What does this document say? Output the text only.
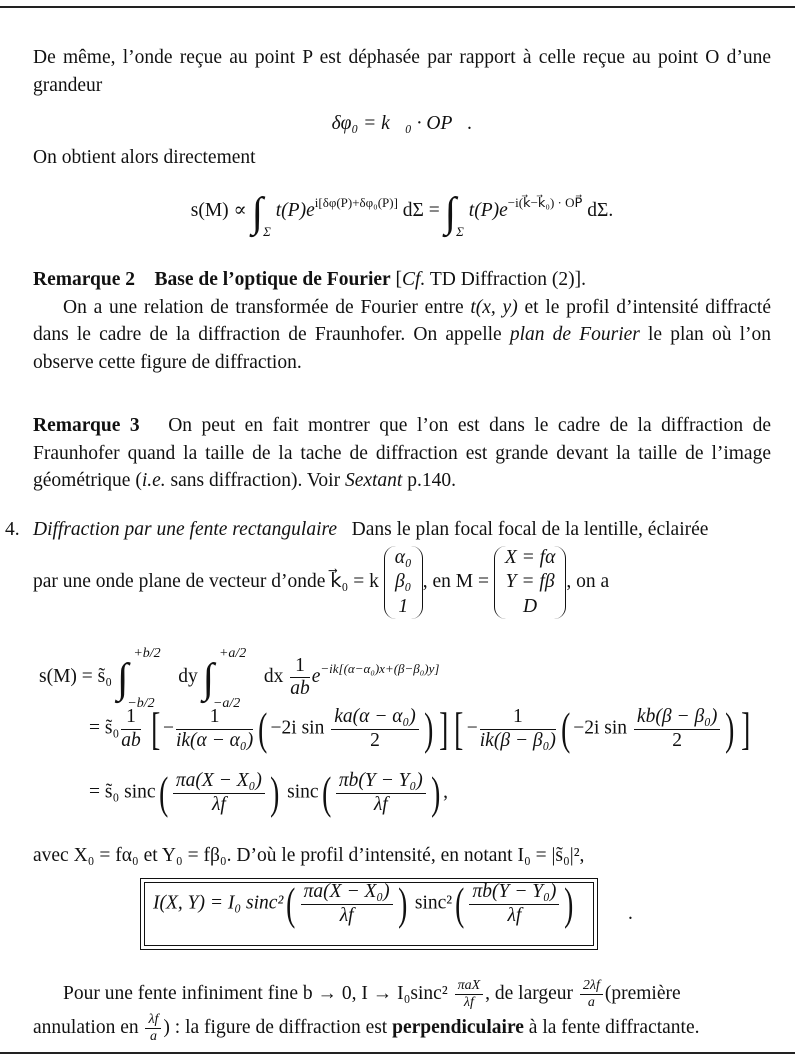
De même, l’onde reçue au point P est déphasée par rapport à celle reçue au point O d’une grandeur

δφ₀ = k⃗₀ · OP⃗.

On obtient alors directement

$s(M) \propto \int_\Sigma$ $t(P)e^{i[\delta\varphi(P)+\delta\varphi_0(P)]}$ $d\Sigma = \int_\Sigma$ $t(P)e^{-i(k⃗-k⃗_0) \cdot OP⃗}$ dΣ.

Remarque 2 Base de l’optique de Fourier [Cf. TD Diffraction (2)].

On a une relation de transformée de Fourier entre t(x, y) et le profil d’intensité diffracté dans le cadre de la diffraction de Fraunhofer. On appelle plan de Fourier le plan où l’on observe cette figure de diffraction.

Remarque 3 On peut en fait montrer que l’on est dans le cadre de la diffraction de Fraunhofer quand la taille de la tache de diffraction est grande devant la taille de l’image géométrique (i.e. sans diffraction). Voir Sextant p.140.

4. Diffraction par une fente rectangulaire Dans le plan focal focal de la lentille, éclairée

par une onde plane de vecteur d’onde k⃗₀ = k
α₀
β₀
1
, en M =
X = fα
Y = fβ
D
, on a
s(M) = s̃₀ ∫
+b/2
−b/2
dy ∫
+a/2
−a/2
dx $\frac{1}{ab} e^{-ik[(\alpha-\alpha_0)x+(\beta-\beta_0)y]}$
= s̃₀ $\frac{1}{ab}$ [ − $\frac{1}{\text{ik(α − α₀)}}$ ( −2i $\sin \frac{\text{ka(α − α₀)}}{2}$ ) ] [ − $\frac{1}{\text{ik(β − β₀)}}$ ( −2i $\sin \frac{\text{kb(β − β₀)}}{2}$ ) ]
= s̃₀ $\sin c( \frac{\text{πa(X − X₀)}}{\lambda f}$ ) $\sin c( \frac{\text{πb(Y − Y₀)}}{\lambda f}$ ) ,

avec X₀ = fα₀ et Y₀ = fβ₀. D’où le profil d’intensité, en notant I₀ = |s̃₀|²,

I(X, Y) = I₀ $\sin c^2( \frac{\text{πa(X − X₀)}}{\lambda f}$ ) $\sin c^2( \frac{\text{πb(Y − Y₀)}}{\lambda f}$ )	.
Pour une fente infiniment fine b → 0, $I \to I_0\sin c^2 \frac{\text{πaX}}{\lambda f}$ , de largeur $\frac{2\lambda f}{a}$ (première
annulation en $\frac{\lambda f}{a}$ ) : la figure de diffraction est perpendiculaire à la fente diffractante.
